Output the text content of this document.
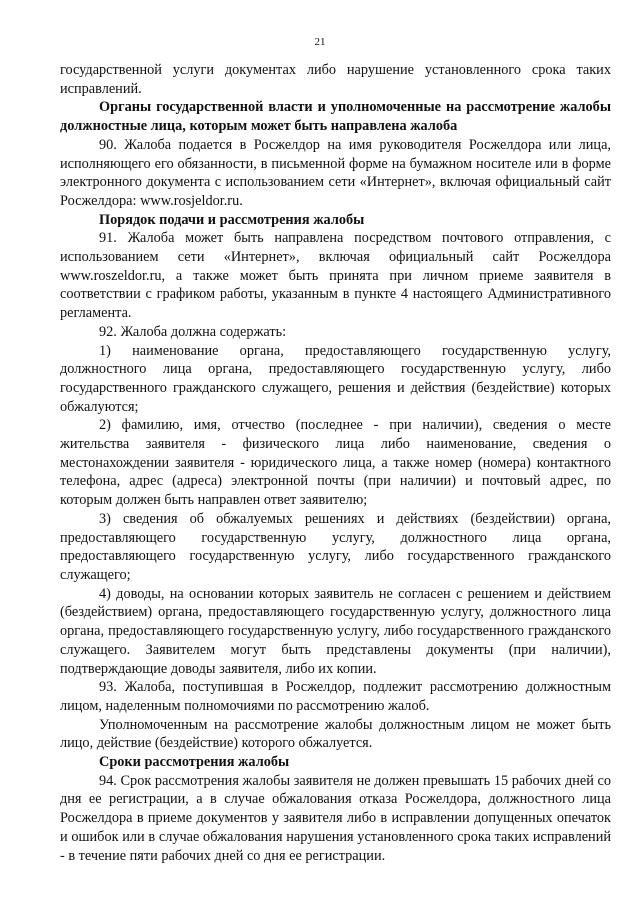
21

государственной услуги документах либо нарушение установленного срока таких исправлений.

Органы государственной власти и уполномоченные на рассмотрение жалобы должностные лица, которым может быть направлена жалоба

90. Жалоба подается в Росжелдор на имя руководителя Росжелдора или лица, исполняющего его обязанности, в письменной форме на бумажном носителе или в форме электронного документа с использованием сети «Интернет», включая официальный сайт Росжелдора: www.rosjeldor.ru.

Порядок подачи и рассмотрения жалобы

91. Жалоба может быть направлена посредством почтового отправления, с использованием сети «Интернет», включая официальный сайт Росжелдора www.roszeldor.ru, а также может быть принята при личном приеме заявителя в соответствии с графиком работы, указанным в пункте 4 настоящего Административного регламента.

92. Жалоба должна содержать:

1) наименование органа, предоставляющего государственную услугу, должностного лица органа, предоставляющего государственную услугу, либо государственного гражданского служащего, решения и действия (бездействие) которых обжалуются;

2) фамилию, имя, отчество (последнее - при наличии), сведения о месте жительства заявителя - физического лица либо наименование, сведения о местонахождении заявителя - юридического лица, а также номер (номера) контактного телефона, адрес (адреса) электронной почты (при наличии) и почтовый адрес, по которым должен быть направлен ответ заявителю;

3) сведения об обжалуемых решениях и действиях (бездействии) органа, предоставляющего государственную услугу, должностного лица органа, предоставляющего государственную услугу, либо государственного гражданского служащего;

4) доводы, на основании которых заявитель не согласен с решением и действием (бездействием) органа, предоставляющего государственную услугу, должностного лица органа, предоставляющего государственную услугу, либо государственного гражданского служащего. Заявителем могут быть представлены документы (при наличии), подтверждающие доводы заявителя, либо их копии.

93. Жалоба, поступившая в Росжелдор, подлежит рассмотрению должностным лицом, наделенным полномочиями по рассмотрению жалоб.

Уполномоченным на рассмотрение жалобы должностным лицом не может быть лицо, действие (бездействие) которого обжалуется.

Сроки рассмотрения жалобы

94. Срок рассмотрения жалобы заявителя не должен превышать 15 рабочих дней со дня ее регистрации, а в случае обжалования отказа Росжелдора, должностного лица Росжелдора в приеме документов у заявителя либо в исправлении допущенных опечаток и ошибок или в случае обжалования нарушения установленного срока таких исправлений - в течение пяти рабочих дней со дня ее регистрации.
